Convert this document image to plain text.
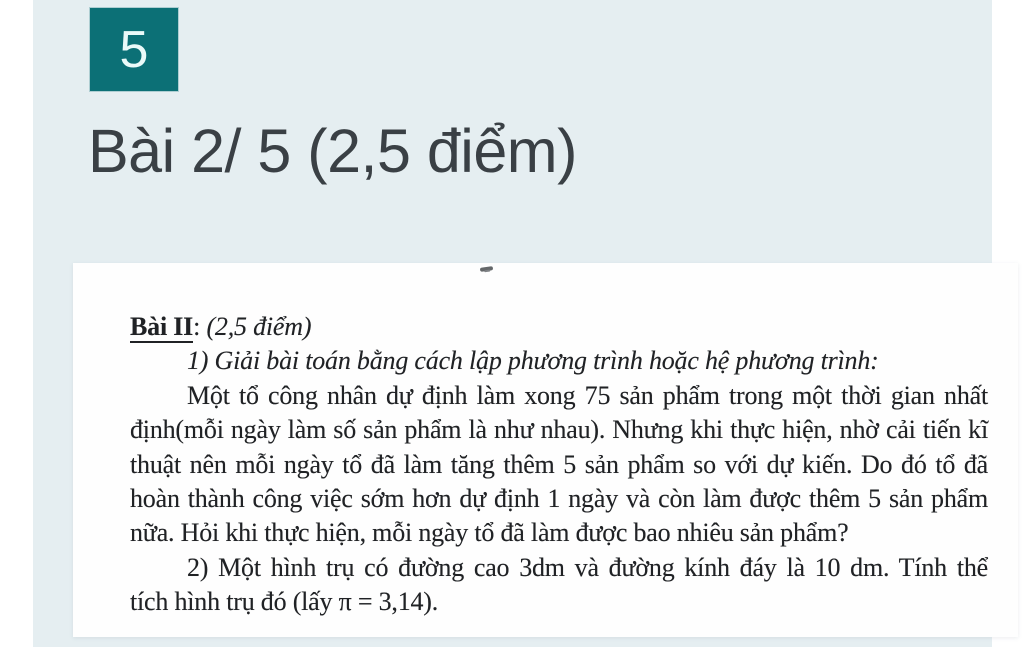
5
Bài 2/ 5 (2,5 điểm)
Bài II: (2,5 điểm)
1) Giải bài toán bằng cách lập phương trình hoặc hệ phương trình:
Một tổ công nhân dự định làm xong 75 sản phẩm trong một thời gian nhất
định(mỗi ngày làm số sản phẩm là như nhau). Nhưng khi thực hiện, nhờ cải tiến kĩ
thuật nên mỗi ngày tổ đã làm tăng thêm 5 sản phẩm so với dự kiến. Do đó tổ đã
hoàn thành công việc sớm hơn dự định 1 ngày và còn làm được thêm 5 sản phẩm
nữa. Hỏi khi thực hiện, mỗi ngày tổ đã làm được bao nhiêu sản phẩm?
2) Một hình trụ có đường cao 3dm và đường kính đáy là 10 dm. Tính thể
tích hình trụ đó (lấy π = 3,14).
